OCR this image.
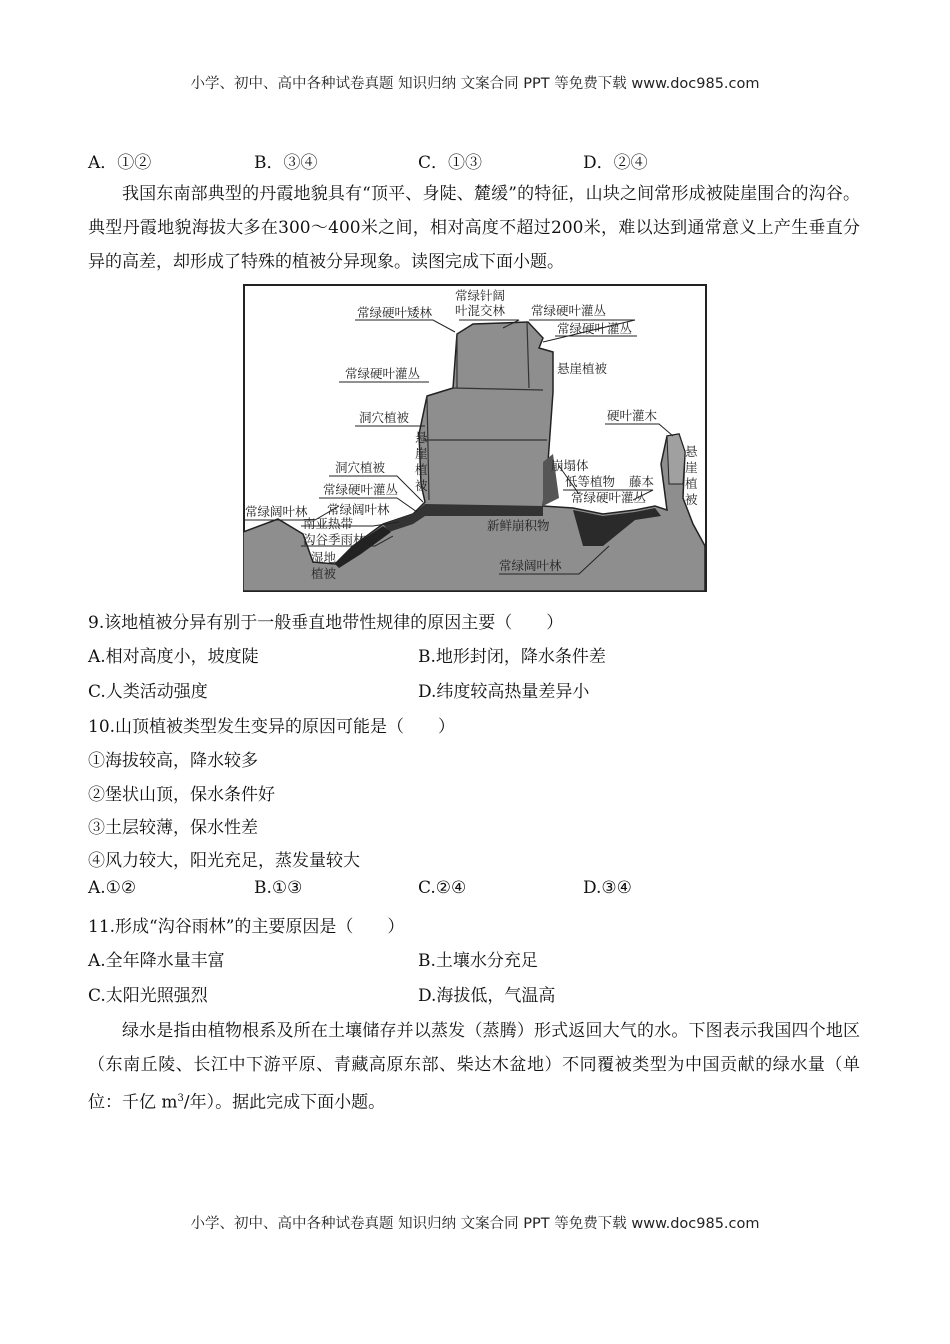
小学、初中、高中各种试卷真题 知识归纳 文案合同 PPT 等免费下载 www.doc985.com
A．①②	B．③④	C．①③	D．②④
我国东南部典型的丹霞地貌具有“顶平、身陡、麓缓”的特征，山块之间常形成被陡崖围合的沟谷。典型丹霞地貌海拔大多在300～400米之间，相对高度不超过200米，难以达到通常意义上产生垂直分异的高差，却形成了特殊的植被分异现象。读图完成下面小题。
常绿针阔
叶混交林
常绿硬叶矮林	常绿硬叶灌丛
常绿硬叶灌丛
悬崖植被
常绿硬叶灌丛
洞穴植被
悬
崖
植
被
硬叶灌木
悬
崖
植
被
洞穴植被	崩塌体
常绿硬叶灌丛
低等植物 藤本
常绿阔叶林 常绿阔叶林
南亚热带
沟谷季雨林
常绿硬叶灌丛
新鲜崩积物
湿地
植被
常绿阔叶林
9.该地植被分异有别于一般垂直地带性规律的原因主要（　　）
A.相对高度小，坡度陡	B.地形封闭，降水条件差
C.人类活动强度	D.纬度较高热量差异小
10.山顶植被类型发生变异的原因可能是（　　）
①海拔较高，降水较多
②堡状山顶，保水条件好
③土层较薄，保水性差
④风力较大，阳光充足，蒸发量较大
A.①②	B.①③	C.②④	D.③④
11.形成“沟谷雨林”的主要原因是（　　）
A.全年降水量丰富	B.土壤水分充足
C.太阳光照强烈	D.海拔低，气温高
绿水是指由植物根系及所在土壤储存并以蒸发（蒸腾）形式返回大气的水。下图表示我国四个地区（东南丘陵、长江中下游平原、青藏高原东部、柴达木盆地）不同覆被类型为中国贡献的绿水量（单位：千亿 $m^3/$年）。据此完成下面小题。
小学、初中、高中各种试卷真题 知识归纳 文案合同 PPT 等免费下载 www.doc985.com
